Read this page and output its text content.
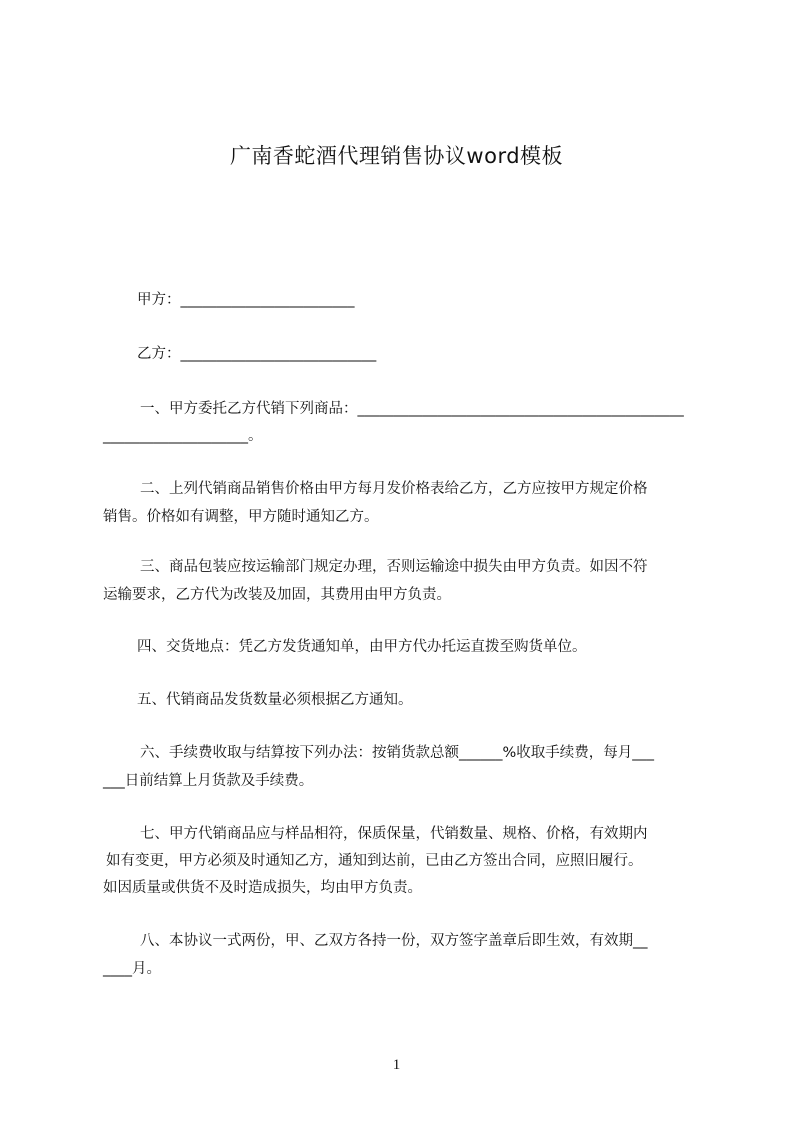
广南香蛇酒代理销售协议word模板
甲方：________________________
乙方：___________________________
一、甲方委托乙方代销下列商品：_____________________________________________
____________________。
二、上列代销商品销售价格由甲方每月发价格表给乙方，乙方应按甲方规定价格
销售。价格如有调整，甲方随时通知乙方。
三、商品包装应按运输部门规定办理，否则运输途中损失由甲方负责。如因不符
运输要求，乙方代为改装及加固，其费用由甲方负责。
四、交货地点：凭乙方发货通知单，由甲方代办托运直拨至购货单位。
五、代销商品发货数量必须根据乙方通知。
六、手续费收取与结算按下列办法：按销货款总额______%收取手续费，每月___
___日前结算上月货款及手续费。
七、甲方代销商品应与样品相符，保质保量，代销数量、规格、价格，有效期内
如有变更，甲方必须及时通知乙方，通知到达前，已由乙方签出合同，应照旧履行。
如因质量或供货不及时造成损失，均由甲方负责。
八、本协议一式两份，甲、乙双方各持一份，双方签字盖章后即生效，有效期__
____月。
1
